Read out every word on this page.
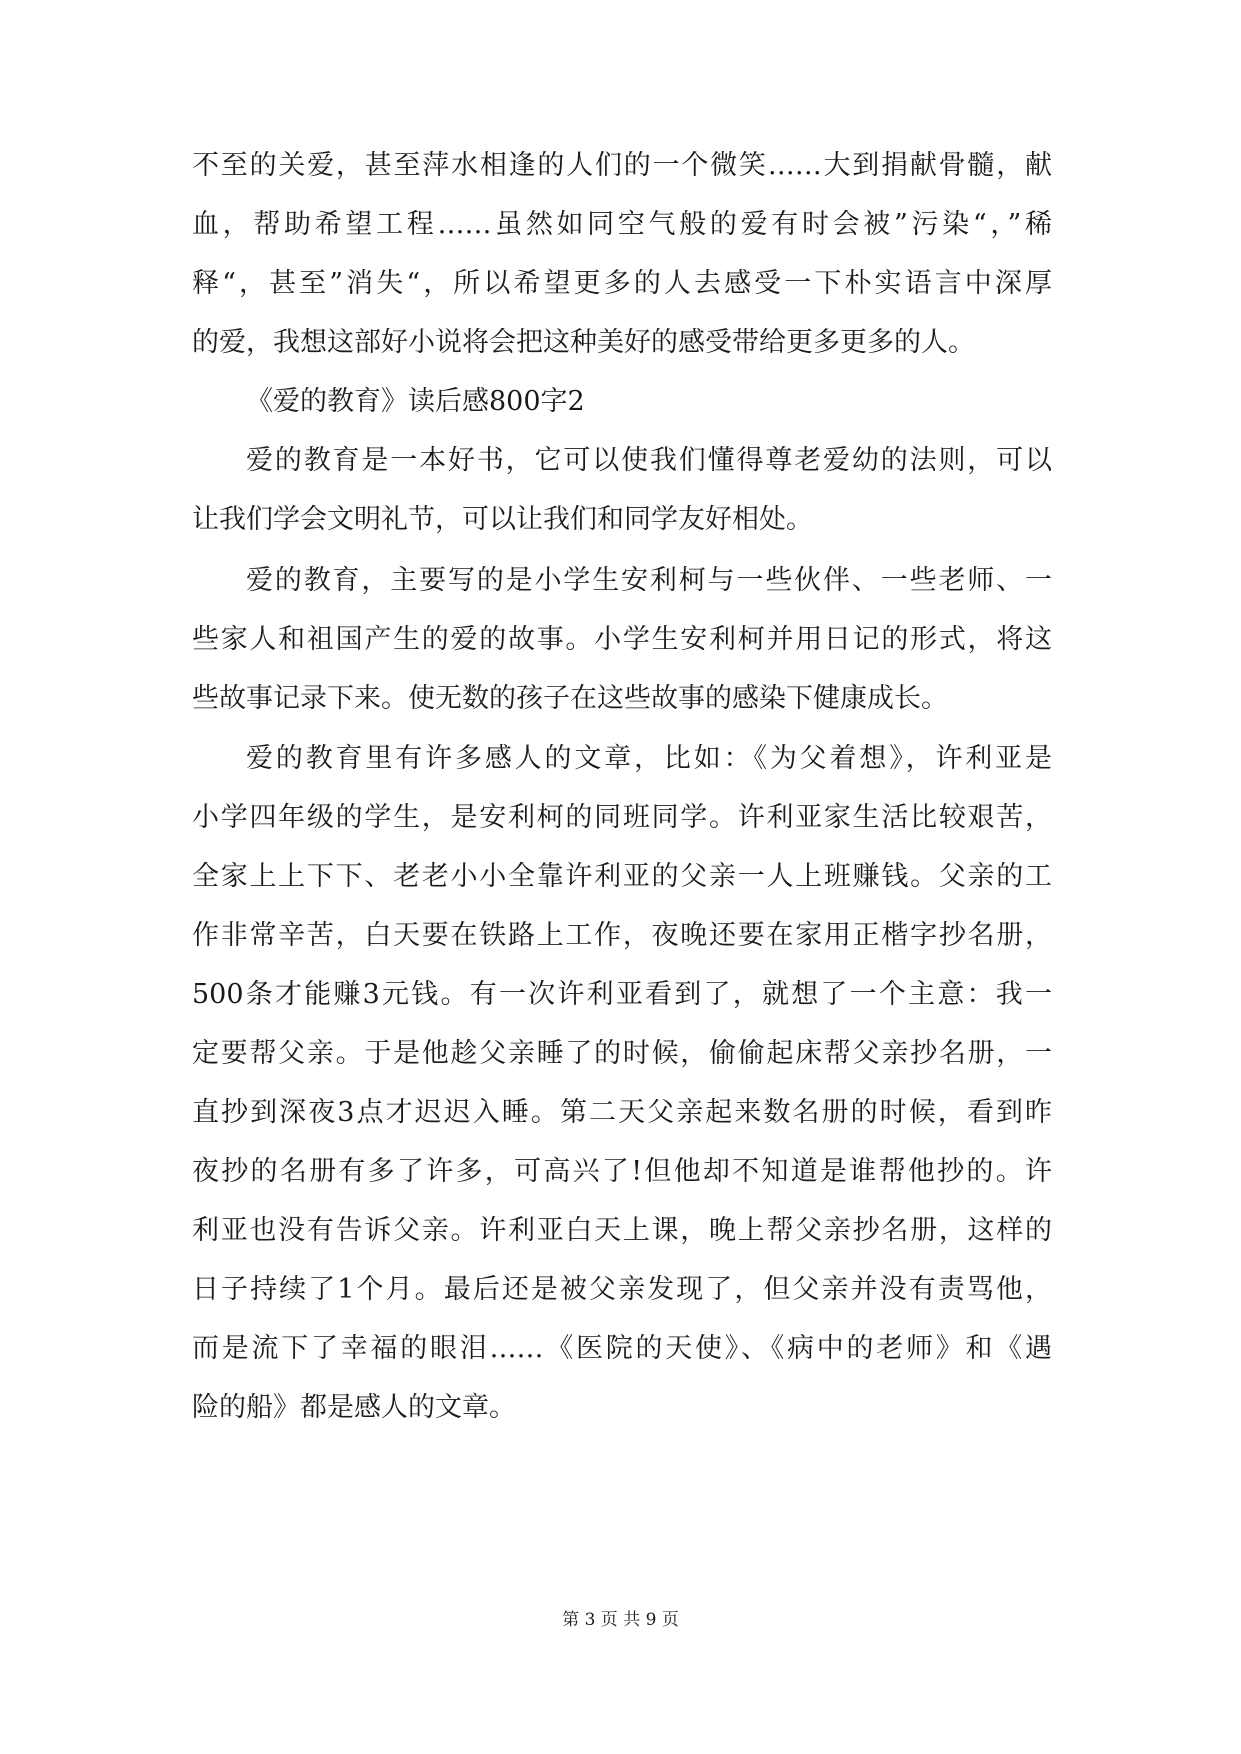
不至的关爱，甚至萍水相逢的人们的一个微笑……大到捐献骨髓，献
血，帮助希望工程……虽然如同空气般的爱有时会被”污染“，”稀
释“，甚至”消失“，所以希望更多的人去感受一下朴实语言中深厚
的爱，我想这部好小说将会把这种美好的感受带给更多更多的人。
《爱的教育》读后感800字2
爱的教育是一本好书，它可以使我们懂得尊老爱幼的法则，可以
让我们学会文明礼节，可以让我们和同学友好相处。
爱的教育，主要写的是小学生安利柯与一些伙伴、一些老师、一
些家人和祖国产生的爱的故事。小学生安利柯并用日记的形式，将这
些故事记录下来。使无数的孩子在这些故事的感染下健康成长。
爱的教育里有许多感人的文章，比如：《为父着想》，许利亚是
小学四年级的学生，是安利柯的同班同学。许利亚家生活比较艰苦，
全家上上下下、老老小小全靠许利亚的父亲一人上班赚钱。父亲的工
作非常辛苦，白天要在铁路上工作，夜晚还要在家用正楷字抄名册，
500条才能赚3元钱。有一次许利亚看到了，就想了一个主意：我一
定要帮父亲。于是他趁父亲睡了的时候，偷偷起床帮父亲抄名册，一
直抄到深夜3点才迟迟入睡。第二天父亲起来数名册的时候，看到昨
夜抄的名册有多了许多，可高兴了!但他却不知道是谁帮他抄的。许
利亚也没有告诉父亲。许利亚白天上课，晚上帮父亲抄名册，这样的
日子持续了1个月。最后还是被父亲发现了，但父亲并没有责骂他，
而是流下了幸福的眼泪……《医院的天使》、《病中的老师》和《遇
险的船》都是感人的文章。
第 3 页 共 9 页
